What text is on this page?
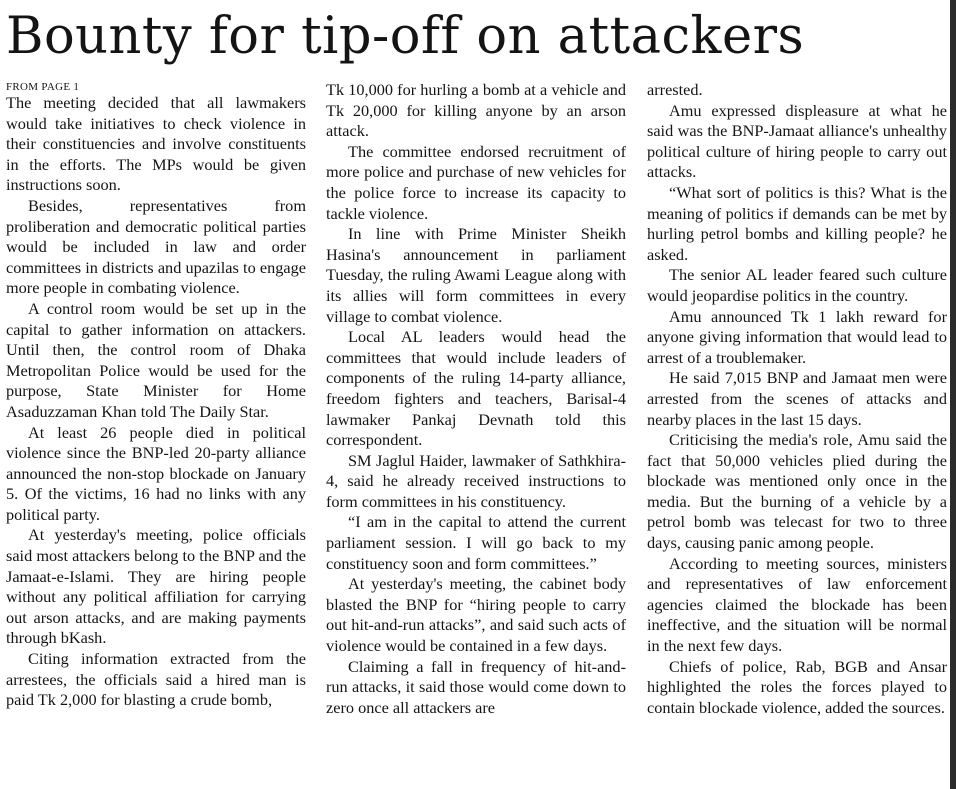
Bounty for tip-off on attackers
FROM PAGE 1

The meeting decided that all lawmakers would take initiatives to check violence in their constituencies and involve constituents in the efforts. The MPs would be given instructions soon.

Besides, representatives from proliberation and democratic political parties would be included in law and order committees in districts and upazilas to engage more people in combating violence.

A control room would be set up in the capital to gather information on attackers. Until then, the control room of Dhaka Metropolitan Police would be used for the purpose, State Minister for Home Asaduzzaman Khan told The Daily Star.

At least 26 people died in political violence since the BNP-led 20-party alliance announced the non-stop blockade on January 5. Of the victims, 16 had no links with any political party.

At yesterday's meeting, police officials said most attackers belong to the BNP and the Jamaat-e-Islami. They are hiring people without any political affiliation for carrying out arson attacks, and are making payments through bKash.

Citing information extracted from the arrestees, the officials said a hired man is paid Tk 2,000 for blasting a crude bomb,

Tk 10,000 for hurling a bomb at a vehicle and Tk 20,000 for killing anyone by an arson attack.

The committee endorsed recruitment of more police and purchase of new vehicles for the police force to increase its capacity to tackle violence.

In line with Prime Minister Sheikh Hasina's announcement in parliament Tuesday, the ruling Awami League along with its allies will form committees in every village to combat violence.

Local AL leaders would head the committees that would include leaders of components of the ruling 14-party alliance, freedom fighters and teachers, Barisal-4 lawmaker Pankaj Devnath told this correspondent.

SM Jaglul Haider, lawmaker of Sathkhira-4, said he already received instructions to form committees in his constituency.

“I am in the capital to attend the current parliament session. I will go back to my constituency soon and form committees.”

At yesterday's meeting, the cabinet body blasted the BNP for “hiring people to carry out hit-and-run attacks”, and said such acts of violence would be contained in a few days.

Claiming a fall in frequency of hit-and-run attacks, it said those would come down to zero once all attackers are

arrested.

Amu expressed displeasure at what he said was the BNP-Jamaat alliance's unhealthy political culture of hiring people to carry out attacks.

“What sort of politics is this? What is the meaning of politics if demands can be met by hurling petrol bombs and killing people? he asked.

The senior AL leader feared such culture would jeopardise politics in the country.

Amu announced Tk 1 lakh reward for anyone giving information that would lead to arrest of a troublemaker.

He said 7,015 BNP and Jamaat men were arrested from the scenes of attacks and nearby places in the last 15 days.

Criticising the media's role, Amu said the fact that 50,000 vehicles plied during the blockade was mentioned only once in the media. But the burning of a vehicle by a petrol bomb was telecast for two to three days, causing panic among people.

According to meeting sources, ministers and representatives of law enforcement agencies claimed the blockade has been ineffective, and the situation will be normal in the next few days.

Chiefs of police, Rab, BGB and Ansar highlighted the roles the forces played to contain blockade violence, added the sources.
